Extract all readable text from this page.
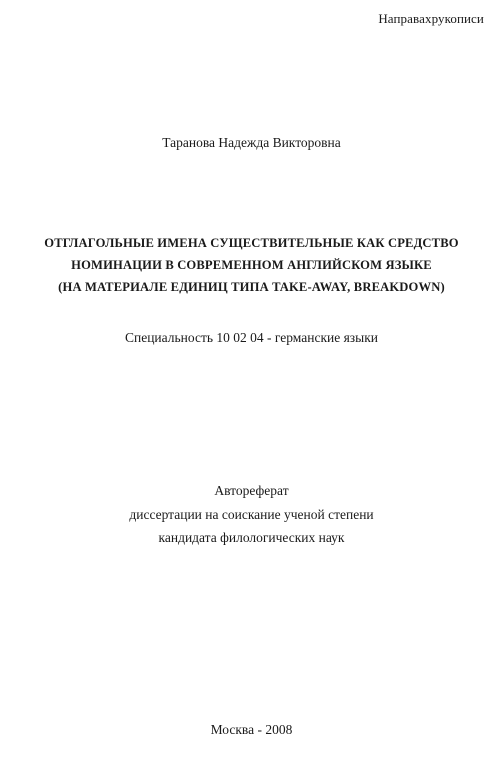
Направахрукописи
Таранова Надежда Викторовна
ОТГЛАГОЛЬНЫЕ ИМЕНА СУЩЕСТВИТЕЛЬНЫЕ КАК СРЕДСТВО
НОМИНАЦИИ В СОВРЕМЕННОМ АНГЛИЙСКОМ ЯЗЫКЕ
(НА МАТЕРИАЛЕ ЕДИНИЦ ТИПА TAKE-AWAY, BREAKDOWN)
Специальность 10 02 04 - германские языки
Автореферат
диссертации на соискание ученой степени
кандидата филологических наук
Москва - 2008
